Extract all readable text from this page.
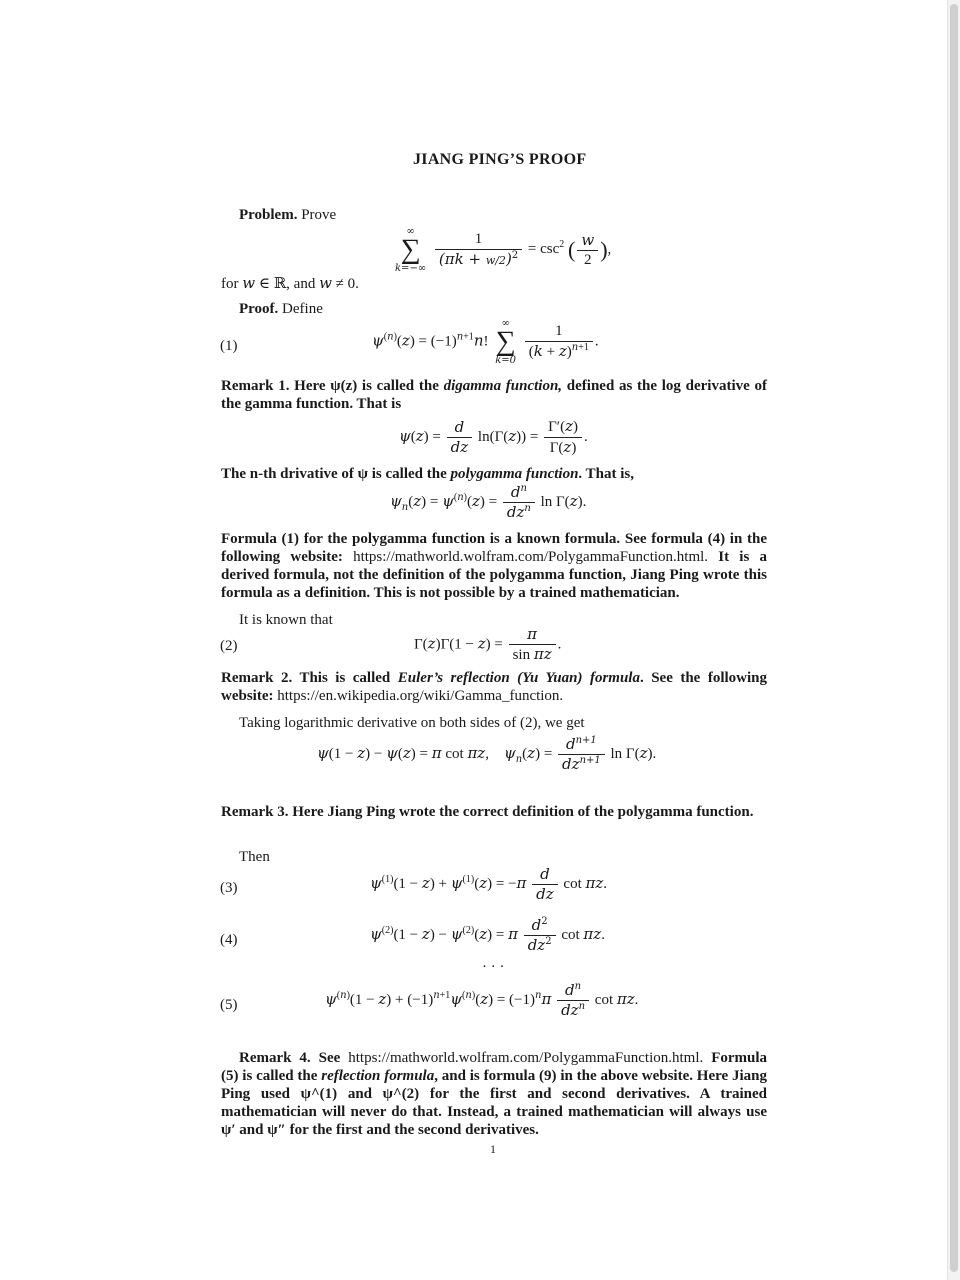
JIANG PING’S PROOF
Problem. Prove
∞
∑
k=−∞
$\frac{1}{(\pi k + w/2)^2} = \csc^2$ ( $\frac{w}{2}$ ),
for w ∈ ℝ, and w ≠ 0.
Proof. Define
(1)	$\psi^{(n)}(z) = (-1)^{n+1}n$!
∞
∑
k=0
$\frac{1}{(k + z)^{n+1}}$ .
Remark 1. Here ψ(z) is called the digamma function, defined as the log derivative of the gamma function. That is
$\psi(z) = \frac{d}{dz} \ln(\Gamma(z)) = \frac{\Gamma'(z)}{\Gamma(z)}$ .
The n-th drivative of ψ is called the polygamma function. That is,
$\psi_n(z) = \psi^{(n)}(z) = \frac{d^n}{dz^n}$ ln Γ(z).
Formula (1) for the polygamma function is a known formula. See formula (4) in the following website: https://mathworld.wolfram.com/PolygammaFunction.html. It is a derived formula, not the definition of the polygamma function, Jiang Ping wrote this formula as a definition. This is not possible by a trained mathematician.
It is known that
(2)	$\Gamma(z)\Gamma(1 - z) = \frac{\pi}{\text{sin πz}}$ .
Remark 2. This is called Euler’s reflection (Yu Yuan) formula. See the following website: https://en.wikipedia.org/wiki/Gamma_function.
Taking logarithmic derivative on both sides of (2), we get
ψ(1 − z) − ψ(z) = π cot πz,    $\psi_n(z) = \frac{d^{n+1}}{dz^{n+1}}$ ln Γ(z).
Remark 3. Here Jiang Ping wrote the correct definition of the polygamma function.
Then
(3)	$\psi^{(1)}(1 - z) + \psi^{(1)}(z) = -\pi \frac{d}{dz}$ cot πz.
(4)	$\psi^{(2)}(1 - z) - \psi^{(2)}(z) = \pi \frac{d^2}{dz^2}$ cot πz.
· · ·
(5)	$\psi^{(n)}(1 - z) + (-1)^{n+1}\psi^{(n)}(z) = (-1)^n\pi \frac{d^n}{dz^n}$ cot πz.
Remark 4. See https://mathworld.wolfram.com/PolygammaFunction.html. Formula (5) is called the reflection formula, and is formula (9) in the above website. Here Jiang Ping used ψ^(1) and ψ^(2) for the first and second derivatives. A trained mathematician will never do that. Instead, a trained mathematician will always use ψ′ and ψ″ for the first and the second derivatives.
1
